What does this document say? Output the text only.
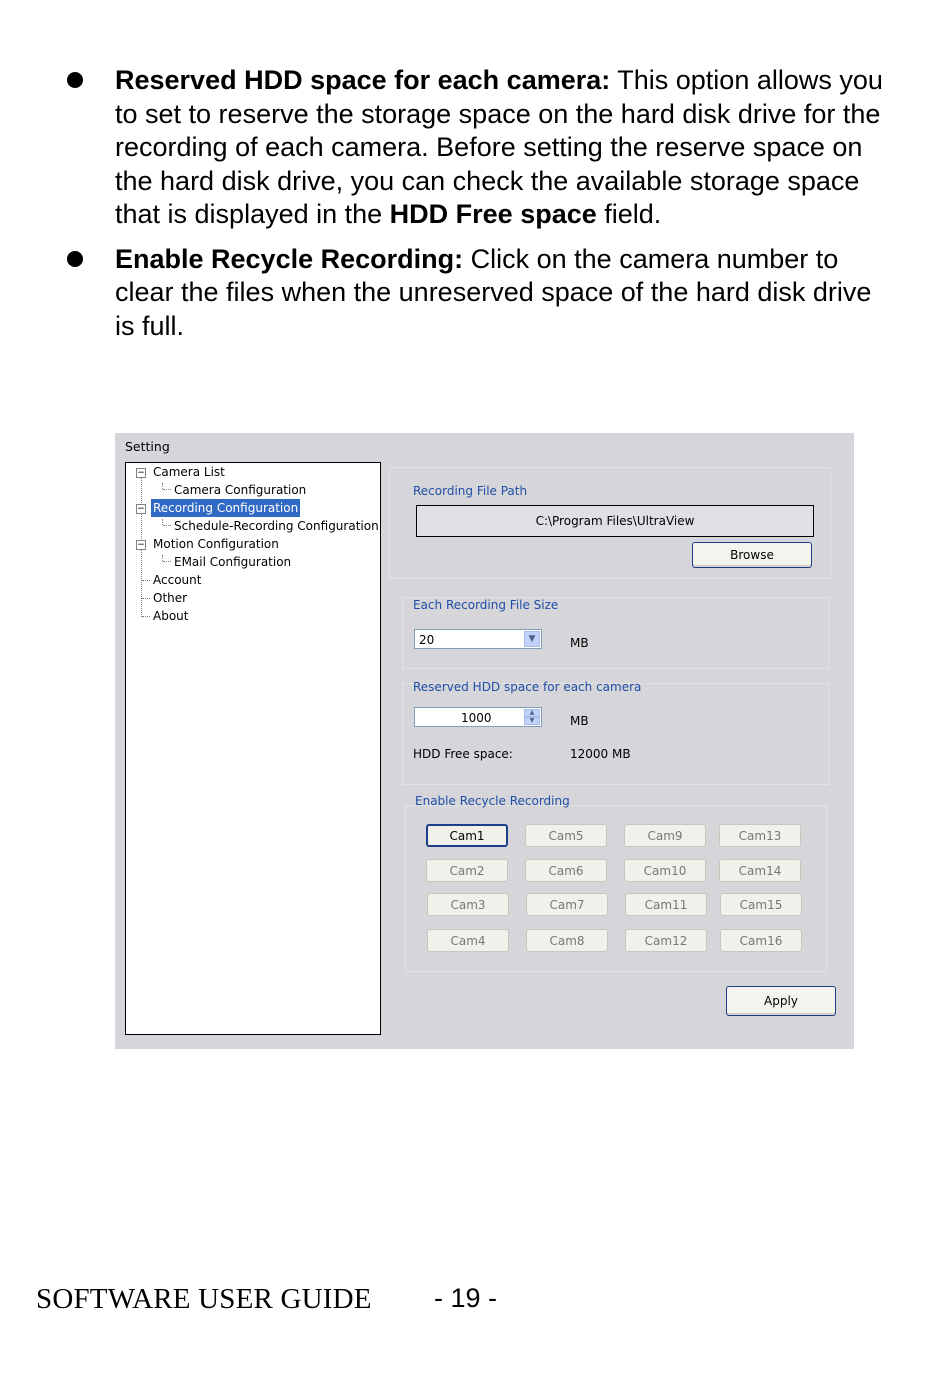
Reserved HDD space for each camera: This option allows you to set to reserve the storage space on the hard disk drive for the recording of each camera. Before setting the reserve space on the hard disk drive, you can check the available storage space that is displayed in the HDD Free space field.
Enable Recycle Recording: Click on the camera number to clear the files when the unreserved space of the hard disk drive is full.
Setting
− Camera List
Camera Configuration
− Recording Configuration
Schedule-Recording Configuration
− Motion Configuration
EMail Configuration
Account
Other
About
Recording File Path
C:\Program Files\UltraView
Browse
Each Recording File Size
20	▼	MB
Reserved HDD space for each camera
1000	▲
▼	MB
HDD Free space:	12000 MB
Enable Recycle Recording
Cam1	Cam5	Cam9	Cam13
Cam2	Cam6	Cam10	Cam14
Cam3	Cam7	Cam11	Cam15
Cam4	Cam8	Cam12	Cam16
Apply
SOFTWARE USER GUIDE - 19 -
